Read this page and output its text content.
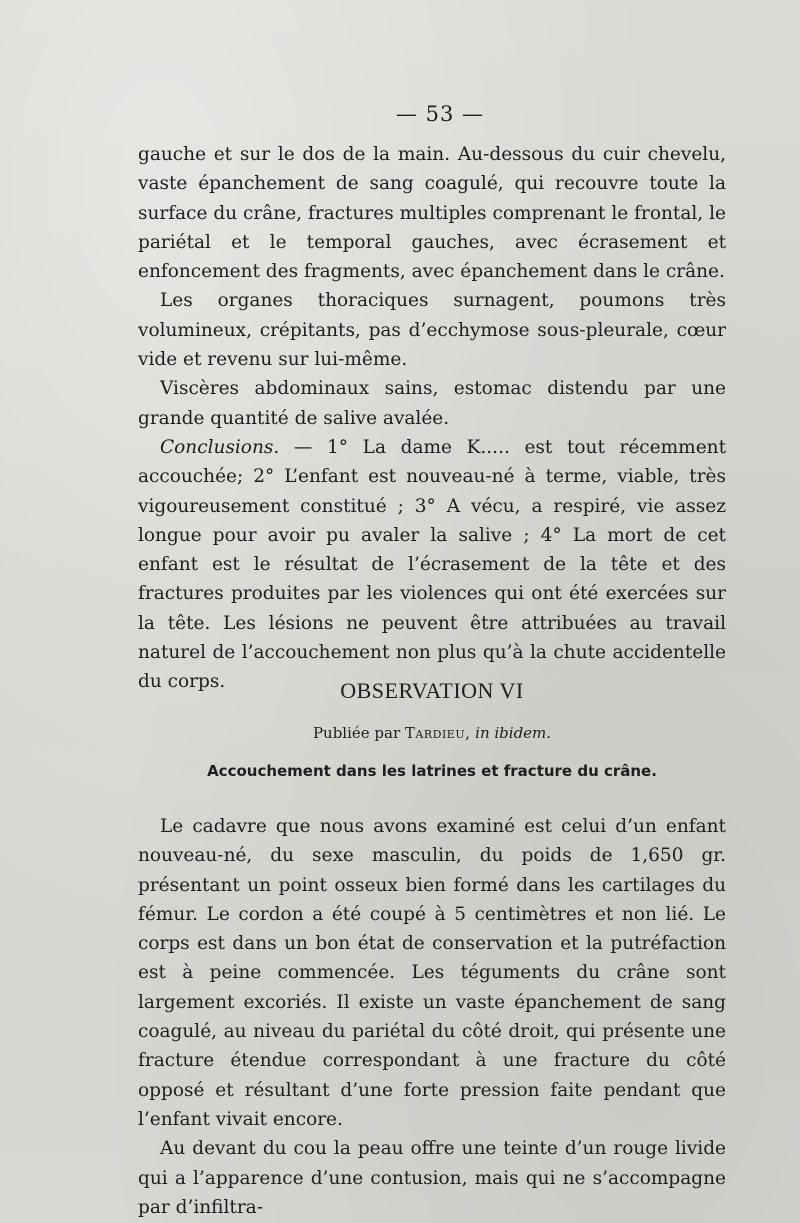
— 53 —

gauche et sur le dos de la main. Au-dessous du cuir chevelu, vaste épanchement de sang coagulé, qui recouvre toute la surface du crâne, fractures multiples comprenant le frontal, le pariétal et le temporal gauches, avec écrasement et enfoncement des fragments, avec épanchement dans le crâne.

Les organes thoraciques surnagent, poumons très volumineux, crépitants, pas d’ecchymose sous-pleurale, cœur vide et revenu sur lui-même.

Viscères abdominaux sains, estomac distendu par une grande quantité de salive avalée.

Conclusions. — 1° La dame K..... est tout récemment accouchée; 2° L’enfant est nouveau-né à terme, viable, très vigoureusement constitué ; 3° A vécu, a respiré, vie assez longue pour avoir pu avaler la salive ; 4° La mort de cet enfant est le résultat de l’écrasement de la tête et des fractures produites par les violences qui ont été exercées sur la tête. Les lésions ne peuvent être attribuées au travail naturel de l’accouchement non plus qu’à la chute accidentelle du corps.	OBSERVATION VI
Publiée par Tardieu, in ibidem.
Accouchement dans les latrines et fracture du crâne.

Le cadavre que nous avons examiné est celui d’un enfant nouveau-né, du sexe masculin, du poids de 1,650 gr. présentant un point osseux bien formé dans les cartilages du fémur. Le cordon a été coupé à 5 centimètres et non lié. Le corps est dans un bon état de conservation et la putréfaction est à peine commencée. Les téguments du crâne sont largement excoriés. Il existe un vaste épanchement de sang coagulé, au niveau du pariétal du côté droit, qui présente une fracture étendue correspondant à une fracture du côté opposé et résultant d’une forte pression faite pendant que l’enfant vivait encore.

Au devant du cou la peau offre une teinte d’un rouge livide qui a l’apparence d’une contusion, mais qui ne s’accompagne par d’infiltra-
